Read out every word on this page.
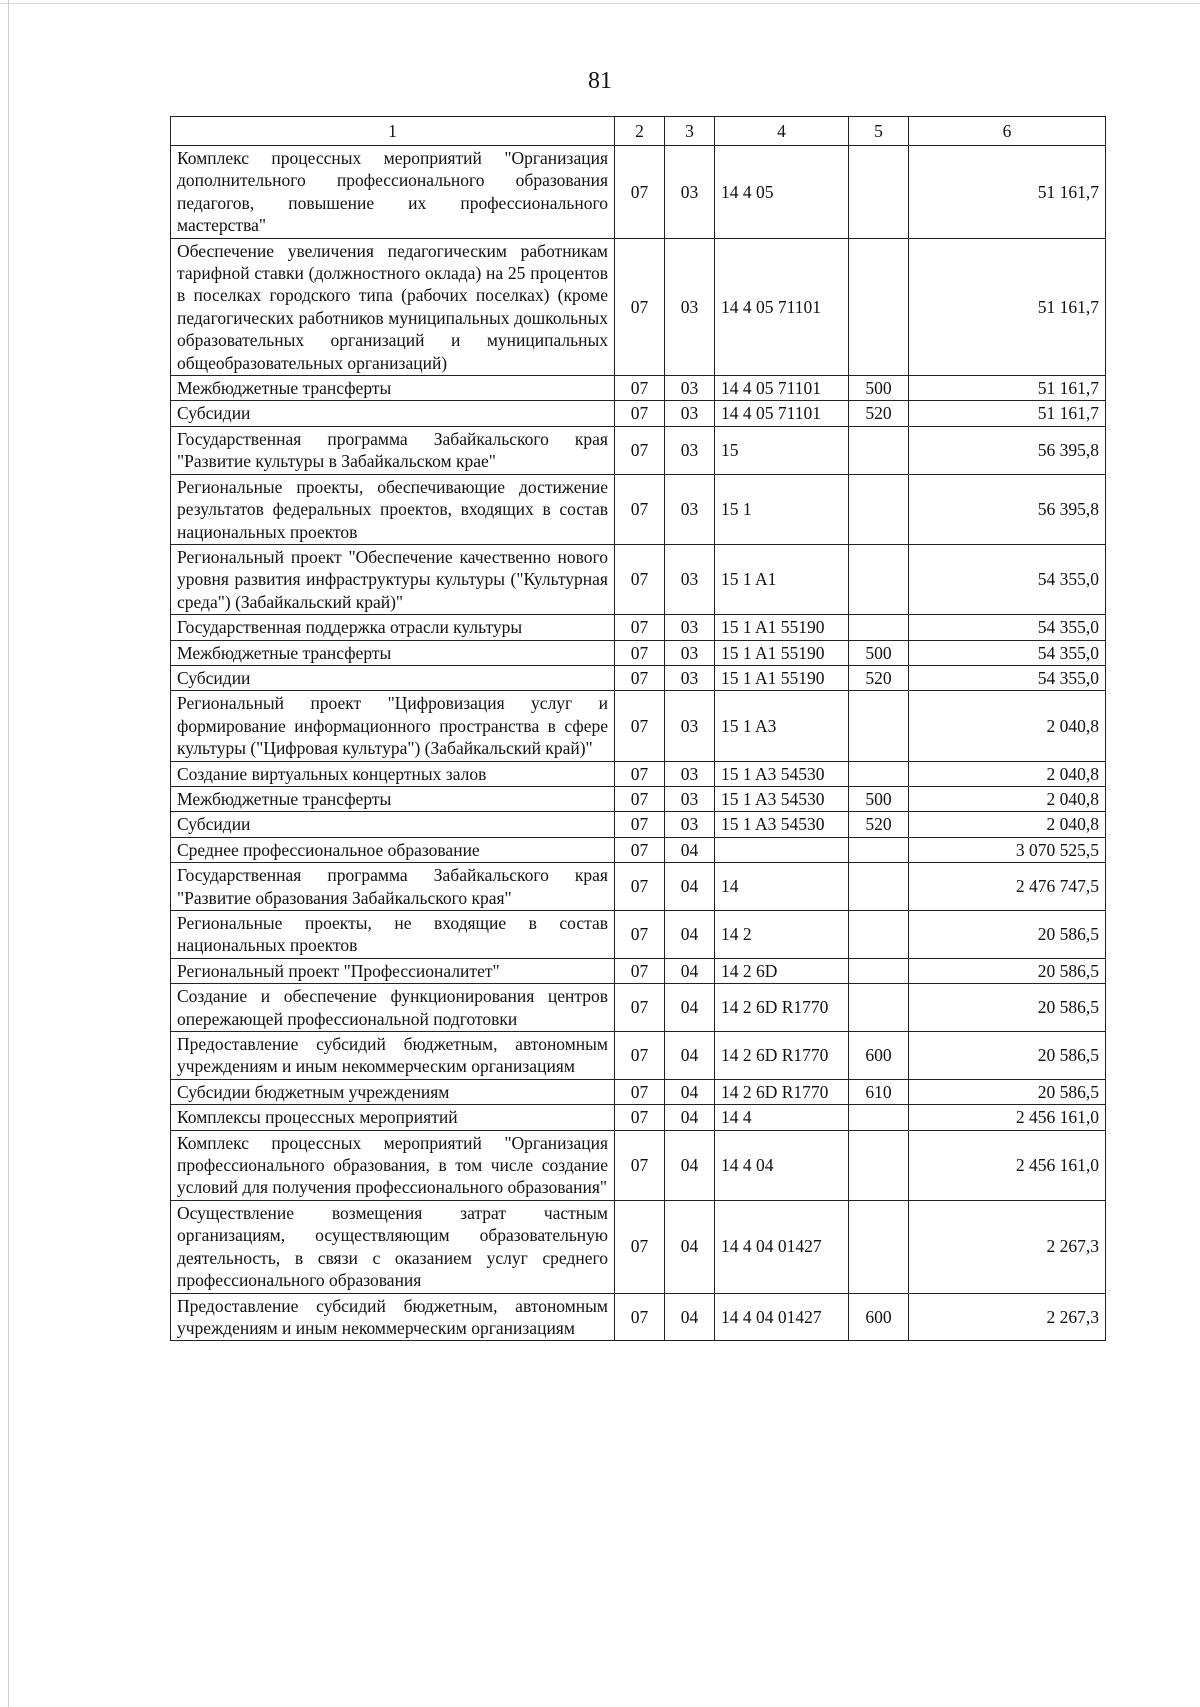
81
1	2	3	4	5	6
Комплекс процессных мероприятий "Организация дополнительного профессионального образования педагогов, повышение их профессионального мастерства"	07	03	14 4 05		51 161,7
Обеспечение увеличения педагогическим работникам тарифной ставки (должностного оклада) на 25 процентов в поселках городского типа (рабочих поселках) (кроме педагогических работников муниципальных дошкольных образовательных организаций и муниципальных общеобразовательных организаций)	07	03	14 4 05 71101		51 161,7
Межбюджетные трансферты	07	03	14 4 05 71101	500	51 161,7
Субсидии	07	03	14 4 05 71101	520	51 161,7
Государственная программа Забайкальского края "Развитие культуры в Забайкальском крае"	07	03	15		56 395,8
Региональные проекты, обеспечивающие достижение результатов федеральных проектов, входящих в состав национальных проектов	07	03	15 1		56 395,8
Региональный проект "Обеспечение качественно нового уровня развития инфраструктуры культуры ("Культурная среда") (Забайкальский край)"	07	03	15 1 A1		54 355,0
Государственная поддержка отрасли культуры	07	03	15 1 A1 55190		54 355,0
Межбюджетные трансферты	07	03	15 1 A1 55190	500	54 355,0
Субсидии	07	03	15 1 A1 55190	520	54 355,0
Региональный проект "Цифровизация услуг и формирование информационного пространства в сфере культуры ("Цифровая культура") (Забайкальский край)"	07	03	15 1 A3		2 040,8
Создание виртуальных концертных залов	07	03	15 1 A3 54530		2 040,8
Межбюджетные трансферты	07	03	15 1 A3 54530	500	2 040,8
Субсидии	07	03	15 1 A3 54530	520	2 040,8
Среднее профессиональное образование	07	04			3 070 525,5
Государственная программа Забайкальского края "Развитие образования Забайкальского края"	07	04	14		2 476 747,5
Региональные проекты, не входящие в состав национальных проектов	07	04	14 2		20 586,5
Региональный проект "Профессионалитет"	07	04	14 2 6D		20 586,5
Создание и обеспечение функционирования центров опережающей профессиональной подготовки	07	04	14 2 6D R1770		20 586,5
Предоставление субсидий бюджетным, автономным учреждениям и иным некоммерческим организациям	07	04	14 2 6D R1770	600	20 586,5
Субсидии бюджетным учреждениям	07	04	14 2 6D R1770	610	20 586,5
Комплексы процессных мероприятий	07	04	14 4		2 456 161,0
Комплекс процессных мероприятий "Организация профессионального образования, в том числе создание условий для получения профессионального образования"	07	04	14 4 04		2 456 161,0
Осуществление возмещения затрат частным организациям, осуществляющим образовательную деятельность, в связи с оказанием услуг среднего профессионального образования	07	04	14 4 04 01427		2 267,3
Предоставление субсидий бюджетным, автономным учреждениям и иным некоммерческим организациям	07	04	14 4 04 01427	600	2 267,3
